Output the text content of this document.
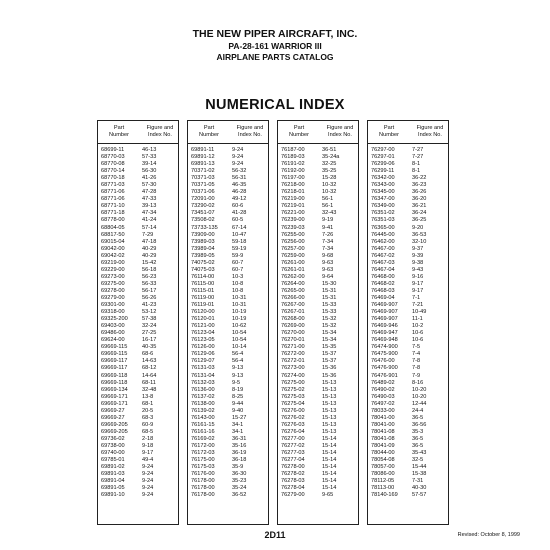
THE NEW PIPER AIRCRAFT, INC.
PA-28-161 WARRIOR III
AIRPLANE PARTS CATALOG
NUMERICAL INDEX
Part
Number
Figure and
Index No.
68699-11	46-13
68770-03	57-33
68770-08	39-14
68770-14	56-30
68770-18	41-26
68771-03	57-30
68771-06	47-28
68771-06	47-33
68771-10	39-13
68771-18	47-34
68778-00	41-24
68804-05	57-14
68817-50	7-29
69015-04	47-18
69042-00	40-29
69042-02	40-29
69219-00	15-42
69229-00	56-18
69273-00	56-23
69275-00	56-33
69278-00	56-17
69279-00	56-26
69301-00	41-23
69318-00	53-12
69325-200	57-38
69403-00	32-24
69486-00	27-25
69624-00	16-17
69669-115	40-35
69669-115	68-6
69669-117	14-63
69669-117	68-12
69669-118	14-64
69669-118	68-11
69669-134	32-48
69669-171	13-8
69669-171	68-1
69669-27	20-5
69669-27	68-3
69669-205	60-9
69669-205	68-5
69736-02	2-18
69738-00	9-18
69740-00	9-17
69785-01	49-4
69891-02	9-24
69891-03	9-24
69891-04	9-24
69891-05	9-24
69891-10	9-24
Part
Number
Figure and
Index No.
69891-11	9-24
69891-12	9-24
69891-13	9-24
70371-02	56-32
70371-03	56-31
70371-05	46-35
70371-06	46-28
72091-00	49-12
73290-02	60-6
73451-07	41-28
73508-02	60-5
73733-135	67-14
73909-00	10-47
73989-03	59-18
73989-04	59-19
73989-05	59-9
74075-02	60-7
74075-03	60-7
76114-00	10-3
76115-00	10-8
76115-01	10-8
76119-00	10-31
76119-01	10-31
76120-00	10-19
76120-01	10-19
76121-00	10-62
76123-04	10-54
76123-05	10-54
76126-00	10-14
76129-06	56-4
76129-07	56-4
76131-03	9-13
76131-04	9-13
76132-03	9-5
76136-00	8-19
76137-02	8-25
76138-00	9-44
76139-02	9-40
76143-00	15-27
76161-15	34-1
76161-16	34-1
76169-02	36-31
76172-00	35-16
76172-03	36-19
76175-00	36-18
76175-03	35-9
76176-00	36-30
76178-00	35-23
76178-00	35-24
76178-00	36-52
Part
Number
Figure and
Index No.
76187-00	36-51
76189-03	35-24a
76191-02	32-25
76192-00	35-25
76197-00	15-28
76218-00	10-32
76218-01	10-32
76219-00	56-1
76219-01	56-1
76221-00	32-43
76239-00	9-19
76239-03	9-41
76255-00	7-26
76256-00	7-34
76257-00	7-34
76259-00	9-68
76261-00	9-63
76261-01	9-63
76262-00	9-64
76264-00	15-30
76265-00	15-31
76266-00	15-31
76267-00	15-33
76267-01	15-33
76268-00	15-32
76269-00	15-32
76270-00	15-34
76270-01	15-34
76271-00	15-35
76272-00	15-37
76272-01	15-37
76273-00	15-36
76274-00	15-36
76275-00	15-13
76275-02	15-13
76275-03	15-13
76275-04	15-13
76276-00	15-13
76276-02	15-13
76276-03	15-13
76276-04	15-13
76277-00	15-14
76277-02	15-14
76277-03	15-14
76277-04	15-14
76278-00	15-14
76278-02	15-14
76278-03	15-14
76278-04	15-14
76279-00	9-65
Part
Number
Figure and
Index No.
76297-00	7-27
76297-01	7-27
76299-06	8-1
76299-11	8-1
76342-00	36-22
76343-00	36-23
76345-00	36-26
76347-00	36-20
76349-00	36-21
76351-02	36-24
76351-03	36-25
76365-00	9-20
76445-00	36-53
76462-00	32-10
76467-00	9-37
76467-02	9-39
76467-03	9-38
76467-04	9-43
76468-00	9-16
76468-02	9-17
76468-03	9-17
76469-04	7-1
76469-907	7-21
76469-907	10-49
76469-907	11-1
76469-946	10-2
76469-947	10-6
76469-948	10-6
76474-900	7-5
76475-900	7-4
76476-00	7-8
76476-900	7-8
76476-901	7-9
76489-02	8-16
76490-02	10-20
76490-03	10-20
76497-02	12-44
78033-00	24-4
78041-00	36-5
78041-00	36-56
78041-08	35-3
78041-08	36-5
78041-09	36-5
78044-00	35-43
78054-08	32-5
78057-00	15-44
78086-00	15-38
78112-05	7-31
78113-00	40-30
78140-169	57-57
2D11	Revised: October 8, 1999
